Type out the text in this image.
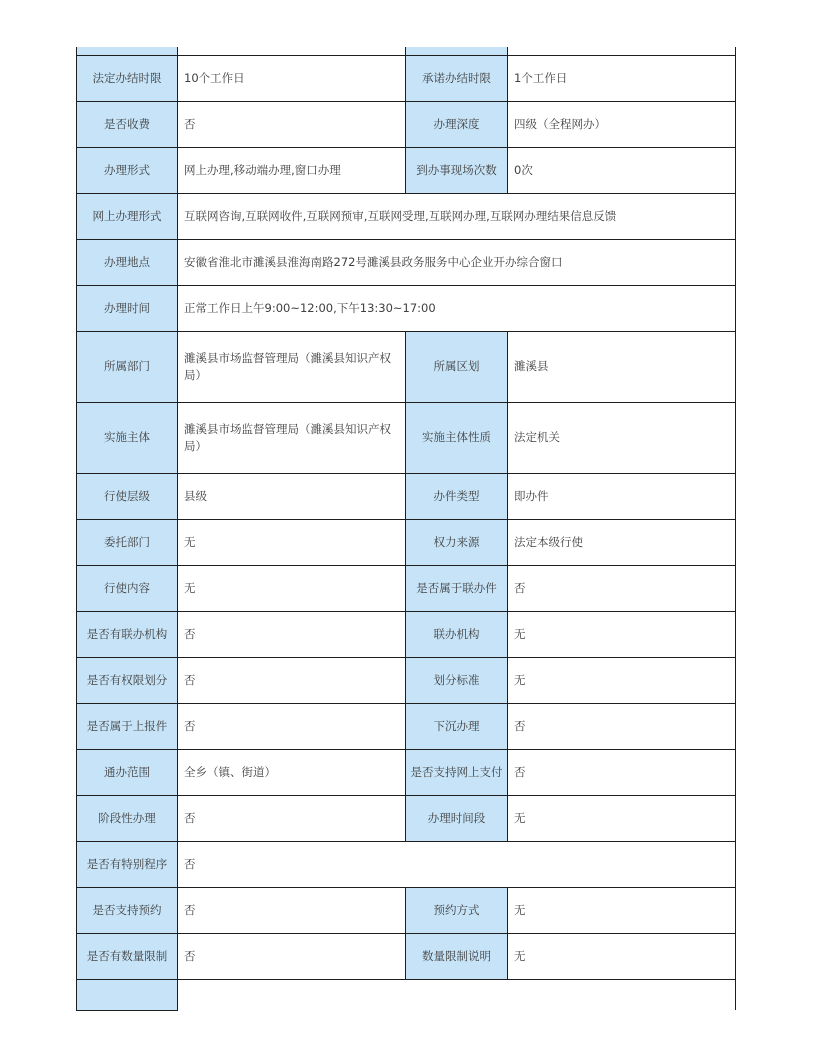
法定办结时限	10个工作日	承诺办结时限	1个工作日
是否收费	否	办理深度	四级（全程网办）
办理形式	网上办理,移动端办理,窗口办理	到办事现场次数	0次
网上办理形式	互联网咨询,互联网收件,互联网预审,互联网受理,互联网办理,互联网办理结果信息反馈		
办理地点	安徽省淮北市濉溪县淮海南路272号濉溪县政务服务中心企业开办综合窗口		
办理时间	正常工作日上午9:00~12:00,下午13:30~17:00		
所属部门	濉溪县市场监督管理局（濉溪县知识产权局）	所属区划	濉溪县
实施主体	濉溪县市场监督管理局（濉溪县知识产权局）	实施主体性质	法定机关
行使层级	县级	办件类型	即办件
委托部门	无	权力来源	法定本级行使
行使内容	无	是否属于联办件	否
是否有联办机构	否	联办机构	无
是否有权限划分	否	划分标准	无
是否属于上报件	否	下沉办理	否
通办范围	全乡（镇、街道）	是否支持网上支付	否
阶段性办理	否	办理时间段	无
是否有特别程序	否		
是否支持预约	否	预约方式	无
是否有数量限制	否	数量限制说明	无
